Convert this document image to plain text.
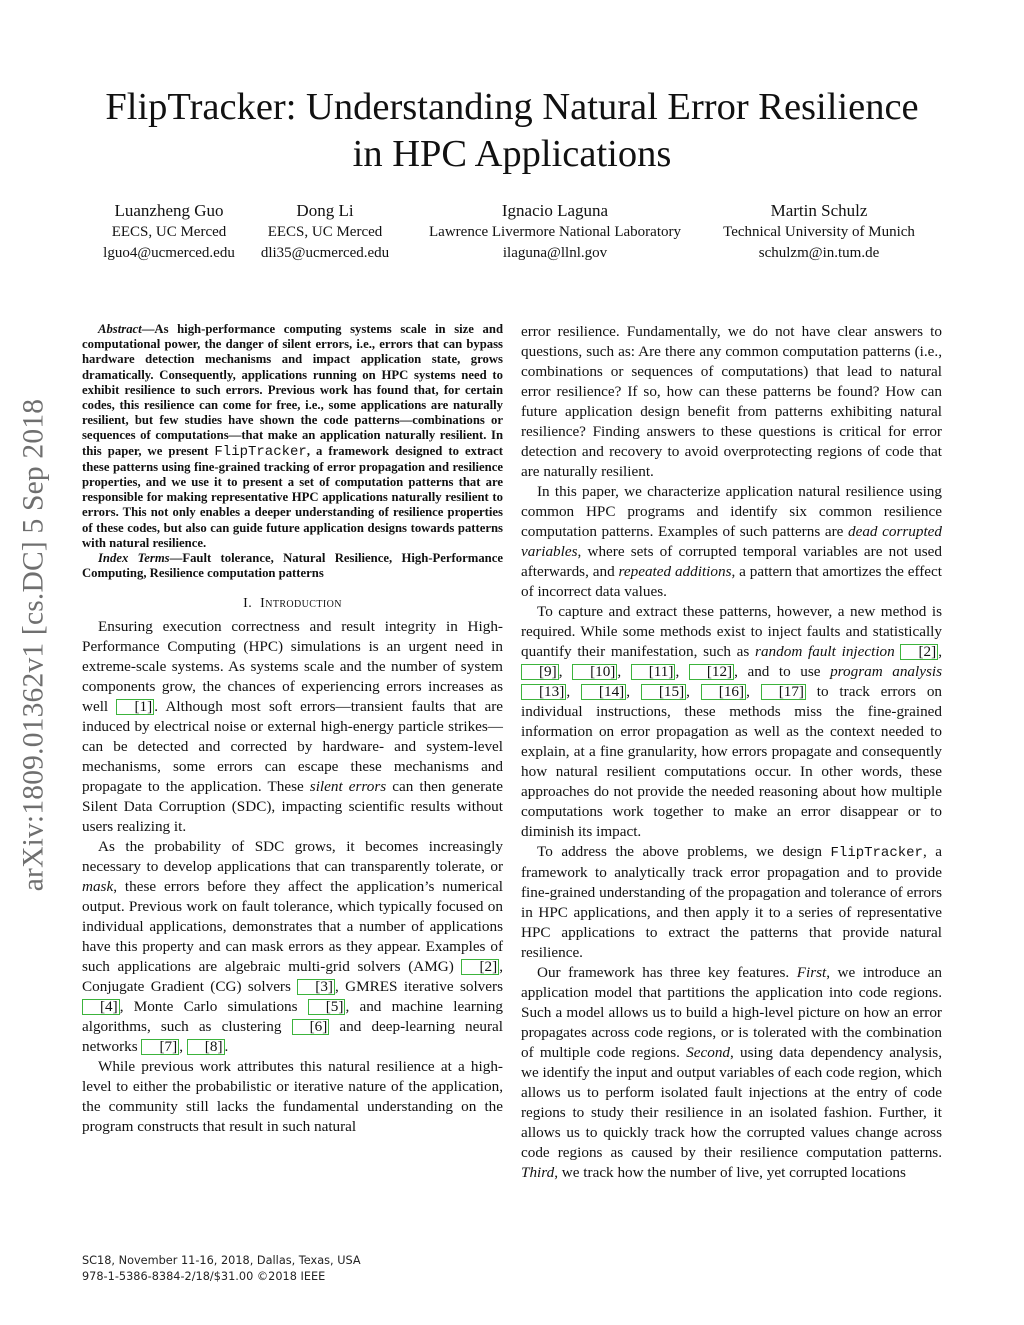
arXiv:1809.01362v1 [cs.DC] 5 Sep 2018
FlipTracker: Understanding Natural Error Resilience
in HPC Applications
Luanzheng Guo
EECS, UC Merced
lguo4@ucmerced.edu
Dong Li
EECS, UC Merced
dli35@ucmerced.edu
Ignacio Laguna
Lawrence Livermore National Laboratory
ilaguna@llnl.gov
Martin Schulz
Technical University of Munich
schulzm@in.tum.de

Abstract—As high-performance computing systems scale in size and computational power, the danger of silent errors, i.e., errors that can bypass hardware detection mechanisms and impact application state, grows dramatically. Consequently, applications running on HPC systems need to exhibit resilience to such errors. Previous work has found that, for certain codes, this resilience can come for free, i.e., some applications are naturally resilient, but few studies have shown the code patterns—combinations or sequences of computations—that make an application naturally resilient. In this paper, we present FlipTracker, a framework designed to extract these patterns using fine-grained tracking of error propagation and resilience properties, and we use it to present a set of computation patterns that are responsible for making representative HPC applications naturally resilient to errors. This not only enables a deeper understanding of resilience properties of these codes, but also can guide future application designs towards patterns with natural resilience.

Index Terms—Fault tolerance, Natural Resilience, High-Performance Computing, Resilience computation patterns

I. Introduction

Ensuring execution correctness and result integrity in High-Performance Computing (HPC) simulations is an urgent need in extreme-scale systems. As systems scale and the number of system components grow, the chances of experiencing errors increases as well [1] . Although most soft errors—transient faults that are induced by electrical noise or external high-energy particle strikes—can be detected and corrected by hardware- and system-level mechanisms, some errors can escape these mechanisms and propagate to the application. These silent errors can then generate Silent Data Corruption (SDC), impacting scientific results without users realizing it.

As the probability of SDC grows, it becomes increasingly necessary to develop applications that can transparently tolerate, or mask, these errors before they affect the application’s numerical output. Previous work on fault tolerance, which typically focused on individual applications, demonstrates that a number of applications have this property and can mask errors as they appear. Examples of such applications are algebraic multi-grid solvers (AMG) [2] , Conjugate Gradient (CG) solvers [3] , GMRES iterative solvers [4] , Monte Carlo simulations [5] , and machine learning algorithms, such as clustering [6] and deep-learning neural networks [7] , [8] .

While previous work attributes this natural resilience at a high-level to either the probabilistic or iterative nature of the application, the community still lacks the fundamental understanding on the program constructs that result in such natural

error resilience. Fundamentally, we do not have clear answers to questions, such as: Are there any common computation patterns (i.e., combinations or sequences of computations) that lead to natural error resilience? If so, how can these patterns be found? How can future application design benefit from patterns exhibiting natural resilience? Finding answers to these questions is critical for error detection and recovery to avoid overprotecting regions of code that are naturally resilient.

In this paper, we characterize application natural resilience using common HPC programs and identify six common resilience computation patterns. Examples of such patterns are dead corrupted variables, where sets of corrupted temporal variables are not used afterwards, and repeated additions, a pattern that amortizes the effect of incorrect data values.

To capture and extract these patterns, however, a new method is required. While some methods exist to inject faults and statistically quantify their manifestation, such as random fault injection [2] , [9] , [10] , [11] , [12] , and to use program analysis [13] , [14] , [15] , [16] , [17] to track errors on individual instructions, these methods miss the fine-grained information on error propagation as well as the context needed to explain, at a fine granularity, how errors propagate and consequently how natural resilient computations occur. In other words, these approaches do not provide the needed reasoning about how multiple computations work together to make an error disappear or to diminish its impact.

To address the above problems, we design FlipTracker, a framework to analytically track error propagation and to provide fine-grained understanding of the propagation and tolerance of errors in HPC applications, and then apply it to a series of representative HPC applications to extract the patterns that provide natural resilience.

Our framework has three key features. First, we introduce an application model that partitions the application into code regions. Such a model allows us to build a high-level picture on how an error propagates across code regions, or is tolerated with the combination of multiple code regions. Second, using data dependency analysis, we identify the input and output variables of each code region, which allows us to perform isolated fault injections at the entry of code regions to study their resilience in an isolated fashion. Further, it allows us to quickly track how the corrupted values change across code regions as caused by their resilience computation patterns. Third, we track how the number of live, yet corrupted locations

SC18, November 11-16, 2018, Dallas, Texas, USA
978-1-5386-8384-2/18/$31.00 ©2018 IEEE
